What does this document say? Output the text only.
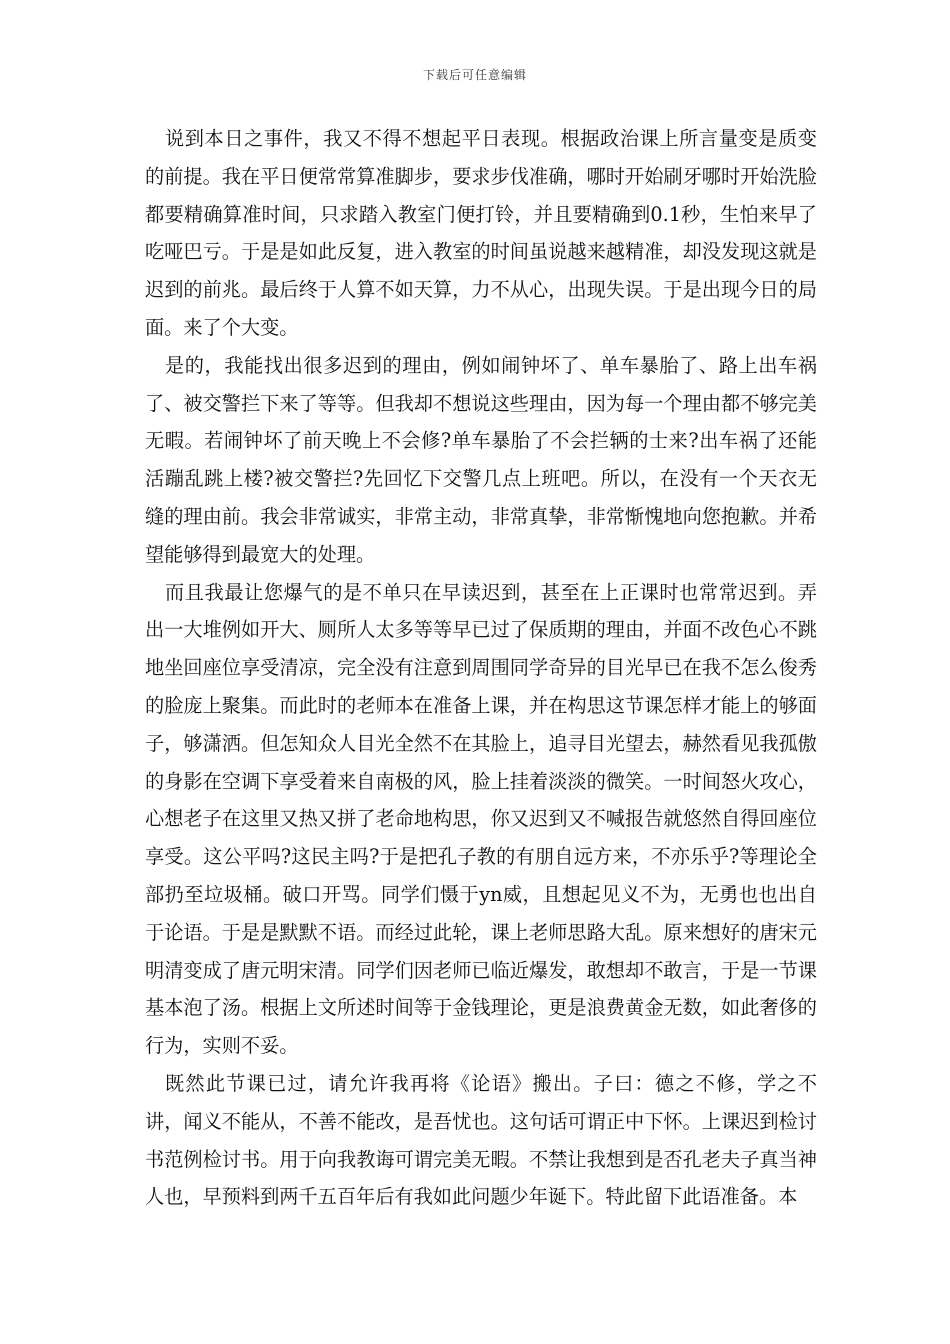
下载后可任意编辑

说到本日之事件，我又不得不想起平日表现。根据政治课上所言量变是质变的前提。我在平日便常常算准脚步，要求步伐准确，哪时开始刷牙哪时开始洗脸都要精确算准时间，只求踏入教室门便打铃，并且要精确到0.1秒，生怕来早了吃哑巴亏。于是是如此反复，进入教室的时间虽说越来越精准，却没发现这就是迟到的前兆。最后终于人算不如天算，力不从心，出现失误。于是出现今日的局面。来了个大变。

是的，我能找出很多迟到的理由，例如闹钟坏了、单车暴胎了、路上出车祸了、被交警拦下来了等等。但我却不想说这些理由，因为每一个理由都不够完美无暇。若闹钟坏了前天晚上不会修?单车暴胎了不会拦辆的士来?出车祸了还能活蹦乱跳上楼?被交警拦?先回忆下交警几点上班吧。所以，在没有一个天衣无缝的理由前。我会非常诚实，非常主动，非常真挚，非常惭愧地向您抱歉。并希望能够得到最宽大的处理。

而且我最让您爆气的是不单只在早读迟到，甚至在上正课时也常常迟到。弄出一大堆例如开大、厕所人太多等等早已过了保质期的理由，并面不改色心不跳地坐回座位享受清凉，完全没有注意到周围同学奇异的目光早已在我不怎么俊秀的脸庞上聚集。而此时的老师本在准备上课，并在构思这节课怎样才能上的够面子，够潇洒。但怎知众人目光全然不在其脸上，追寻目光望去，赫然看见我孤傲的身影在空调下享受着来自南极的风，脸上挂着淡淡的微笑。一时间怒火攻心，心想老子在这里又热又拼了老命地构思，你又迟到又不喊报告就悠然自得回座位享受。这公平吗?这民主吗?于是把孔子教的有朋自远方来，不亦乐乎?等理论全部扔至垃圾桶。破口开骂。同学们慑于yn威，且想起见义不为，无勇也也出自于论语。于是是默默不语。而经过此轮，课上老师思路大乱。原来想好的唐宋元明清变成了唐元明宋清。同学们因老师已临近爆发，敢想却不敢言，于是一节课基本泡了汤。根据上文所述时间等于金钱理论，更是浪费黄金无数，如此奢侈的行为，实则不妥。

既然此节课已过，请允许我再将《论语》搬出。子曰：德之不修，学之不讲，闻义不能从，不善不能改，是吾忧也。这句话可谓正中下怀。上课迟到检讨书范例检讨书。用于向我教诲可谓完美无暇。不禁让我想到是否孔老夫子真当神人也，早预料到两千五百年后有我如此问题少年诞下。特此留下此语准备。本
